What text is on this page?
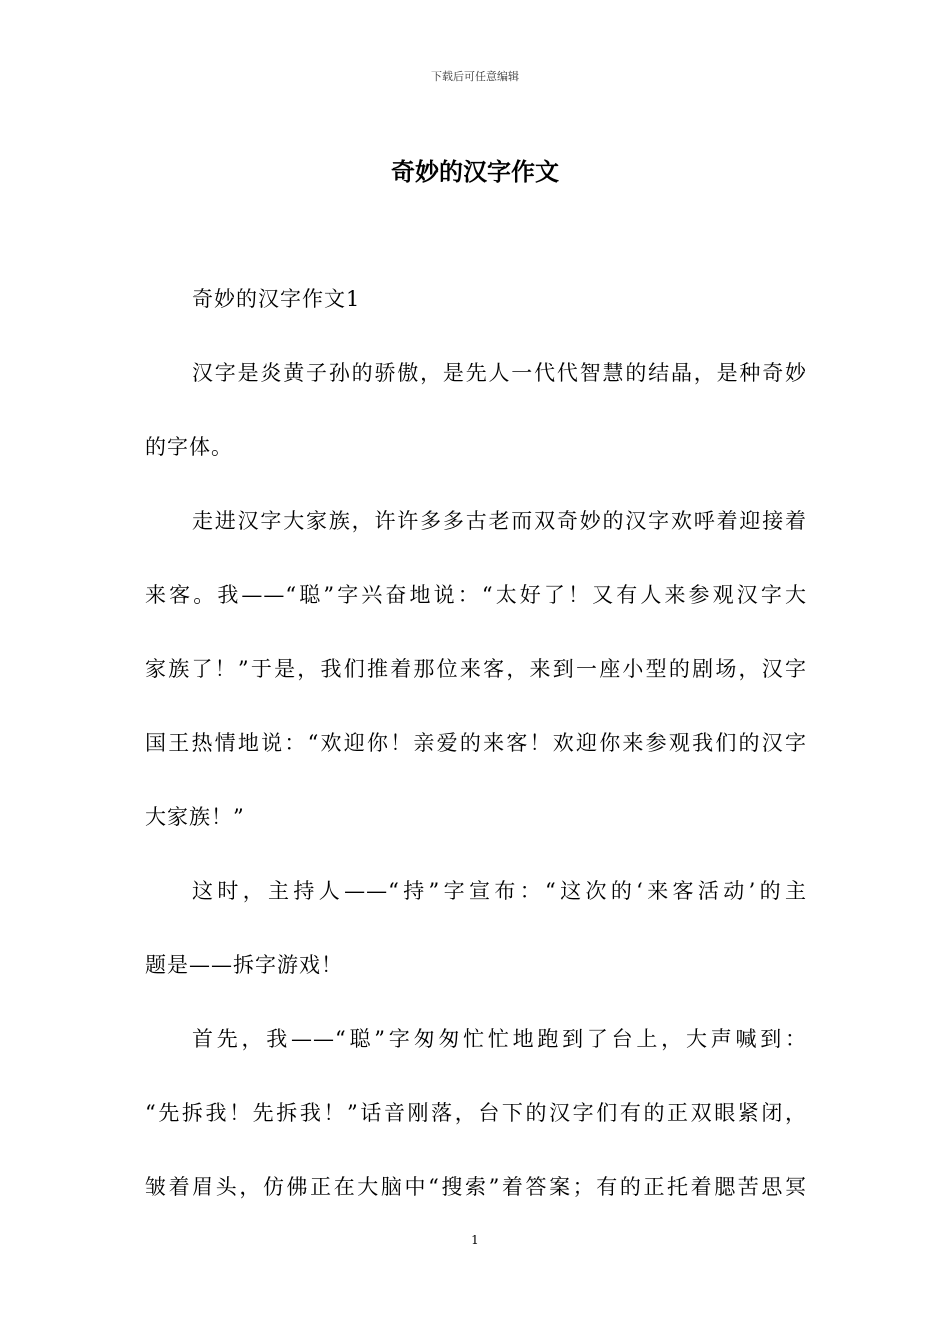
下载后可任意编辑
奇妙的汉字作文
奇妙的汉字作文1
汉字是炎黄子孙的骄傲，是先人一代代智慧的结晶，是种奇妙
的字体。
走进汉字大家族，许许多多古老而双奇妙的汉字欢呼着迎接着
来客。我——“聪”字兴奋地说：“太好了！又有人来参观汉字大
家族了！”于是，我们推着那位来客，来到一座小型的剧场，汉字
国王热情地说：“欢迎你！亲爱的来客！欢迎你来参观我们的汉字
大家族！”
这时，主持人——“持”字宣布：“这次的‘来客活动’的主
题是——拆字游戏！
首先，我——“聪”字匆匆忙忙地跑到了台上，大声喊到：
“先拆我！先拆我！”话音刚落，台下的汉字们有的正双眼紧闭，
皱着眉头，仿佛正在大脑中“搜索”着答案；有的正托着腮苦思冥
1
